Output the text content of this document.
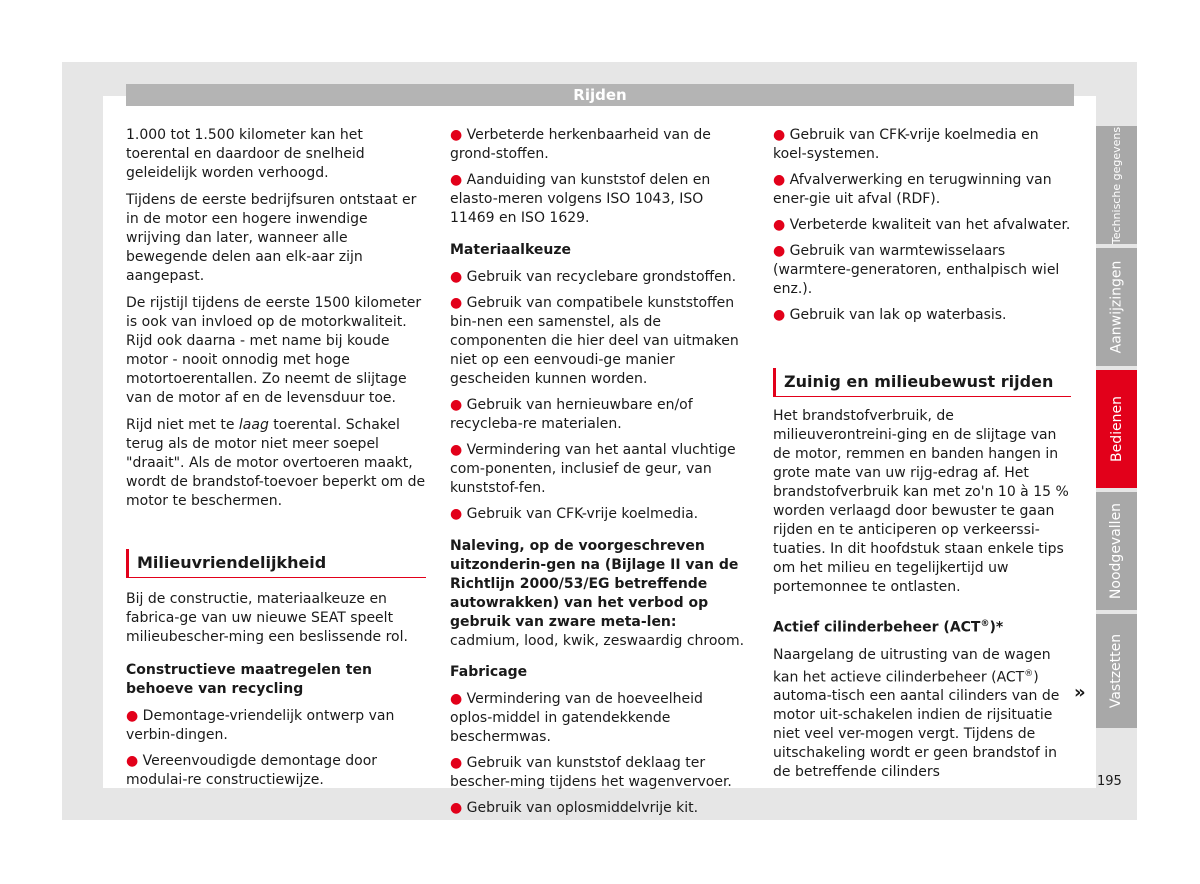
Rijden

1.000 tot 1.500 kilometer kan het toerental en daardoor de snelheid geleidelijk worden verhoogd.

Tijdens de eerste bedrijfsuren ontstaat er in de motor een hogere inwendige wrijving dan later, wanneer alle bewegende delen aan elk-aar zijn aangepast.

De rijstijl tijdens de eerste 1500 kilometer is ook van invloed op de motorkwaliteit. Rijd ook daarna - met name bij koude motor - nooit onnodig met hoge motortoerentallen. Zo neemt de slijtage van de motor af en de levensduur toe.

Rijd niet met te laag toerental. Schakel terug als de motor niet meer soepel "draait". Als de motor overtoeren maakt, wordt de brandstof-toevoer beperkt om de motor te beschermen.

Milieuvriendelijkheid

Bij de constructie, materiaalkeuze en fabrica-ge van uw nieuwe SEAT speelt milieubescher-ming een beslissende rol.

Constructieve maatregelen ten behoeve van recycling
● Demontage-vriendelijk ontwerp van verbin-dingen.
● Vereenvoudigde demontage door modulai-re constructiewijze.
● Verbeterde herkenbaarheid van de grond-stoffen.
● Aanduiding van kunststof delen en elasto-meren volgens ISO 1043, ISO 11469 en ISO 1629.
Materiaalkeuze
● Gebruik van recyclebare grondstoffen.
● Gebruik van compatibele kunststoffen bin-nen een samenstel, als de componenten die hier deel van uitmaken niet op een eenvoudi-ge manier gescheiden kunnen worden.
● Gebruik van hernieuwbare en/of recycleba-re materialen.
● Vermindering van het aantal vluchtige com-ponenten, inclusief de geur, van kunststof-fen.
● Gebruik van CFK-vrije koelmedia.

Naleving, op de voorgeschreven uitzonderin-gen na (Bijlage II van de Richtlijn 2000/53/EG betreffende autowrakken) van het verbod op gebruik van zware meta-len: cadmium, lood, kwik, zeswaardig chroom.

Fabricage
● Vermindering van de hoeveelheid oplos-middel in gatendekkende beschermwas.
● Gebruik van kunststof deklaag ter bescher-ming tijdens het wagenvervoer.
● Gebruik van oplosmiddelvrije kit.
● Gebruik van CFK-vrije koelmedia en koel-systemen.
● Afvalverwerking en terugwinning van ener-gie uit afval (RDF).
● Verbeterde kwaliteit van het afvalwater.
● Gebruik van warmtewisselaars (warmtere-generatoren, enthalpisch wiel enz.).
● Gebruik van lak op waterbasis.
Zuinig en milieubewust rijden

Het brandstofverbruik, de milieuverontreini-ging en de slijtage van de motor, remmen en banden hangen in grote mate van uw rijg-edrag af. Het brandstofverbruik kan met zo'n 10 à 15 % worden verlaagd door bewuster te gaan rijden en te anticiperen op verkeerssi-tuaties. In dit hoofdstuk staan enkele tips om het milieu en tegelijkertijd uw portemonnee te ontlasten.

Actief cilinderbeheer (ACT®)*

Naargelang de uitrusting van de wagen kan het actieve cilinderbeheer (ACT®) automa-tisch een aantal cilinders van de motor uit-schakelen indien de rijsituatie niet veel ver-mogen vergt. Tijdens de uitschakeling wordt er geen brandstof in de betreffende cilinders

»
Technische gegevens
Aanwijzingen
Bedienen
Noodgevallen
Vastzetten
195
